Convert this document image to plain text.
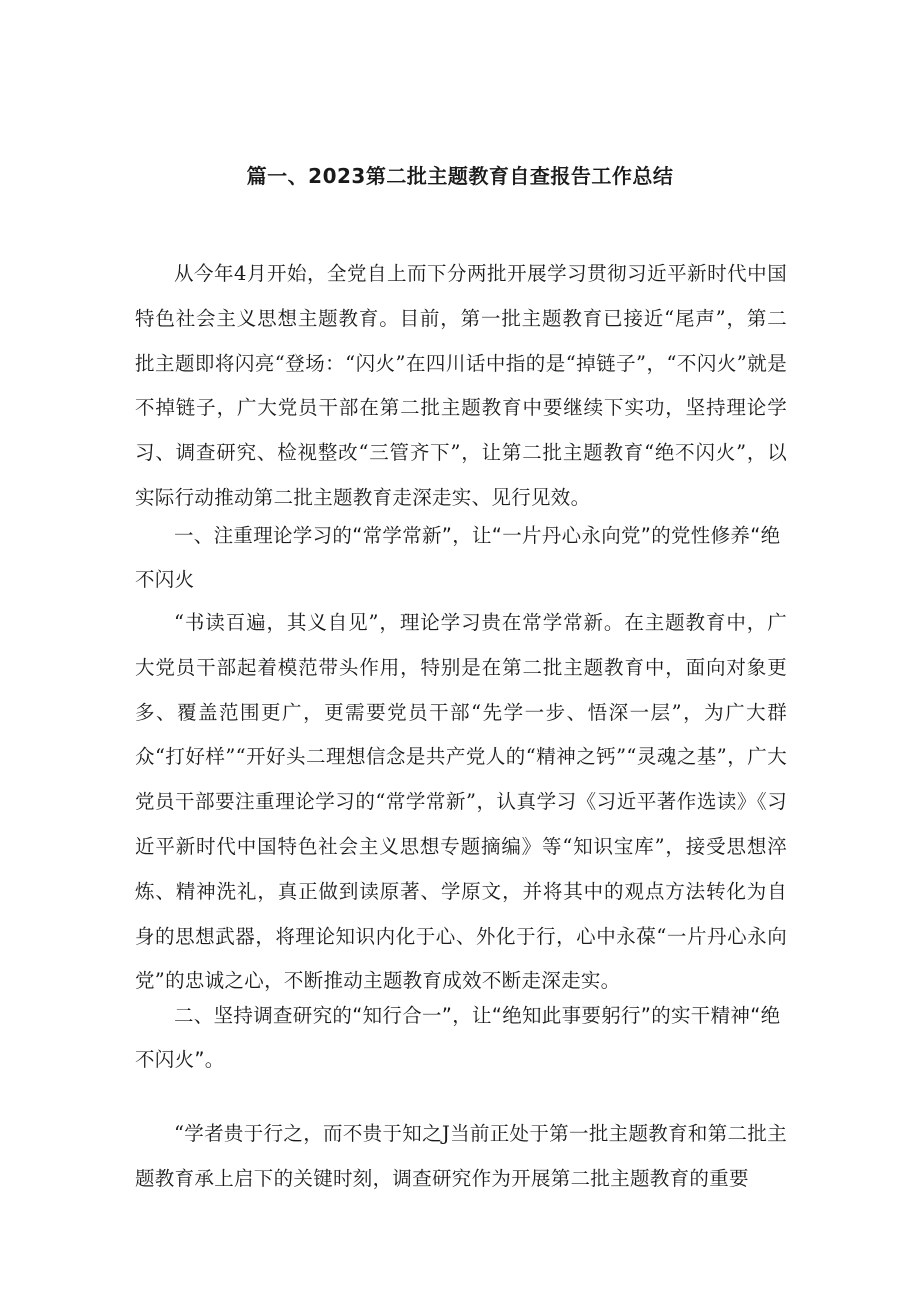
篇一、2023第二批主题教育自查报告工作总结

从今年4月开始，全党自上而下分两批开展学习贯彻习近平新时代中国特色社会主义思想主题教育。目前，第一批主题教育已接近“尾声”，第二批主题即将闪亮“登场：“闪火”在四川话中指的是“掉链子”，“不闪火”就是不掉链子，广大党员干部在第二批主题教育中要继续下实功，坚持理论学习、调查研究、检视整改“三管齐下”，让第二批主题教育“绝不闪火”，以实际行动推动第二批主题教育走深走实、见行见效。

一、注重理论学习的“常学常新”，让“一片丹心永向党”的党性修养“绝不闪火

“书读百遍，其义自见”，理论学习贵在常学常新。在主题教育中，广大党员干部起着模范带头作用，特别是在第二批主题教育中，面向对象更多、覆盖范围更广，更需要党员干部“先学一步、悟深一层”，为广大群众“打好样”“开好头二理想信念是共产党人的“精神之钙”“灵魂之基”，广大党员干部要注重理论学习的“常学常新”，认真学习《习近平著作选读》《习近平新时代中国特色社会主义思想专题摘编》等“知识宝库”，接受思想淬炼、精神洗礼，真正做到读原著、学原文，并将其中的观点方法转化为自身的思想武器，将理论知识内化于心、外化于行，心中永葆“一片丹心永向党”的忠诚之心，不断推动主题教育成效不断走深走实。

二、坚持调查研究的“知行合一”，让“绝知此事要躬行”的实干精神“绝不闪火”。

“学者贵于行之，而不贵于知之J当前正处于第一批主题教育和第二批主题教育承上启下的关键时刻，调查研究作为开展第二批主题教育的重要
